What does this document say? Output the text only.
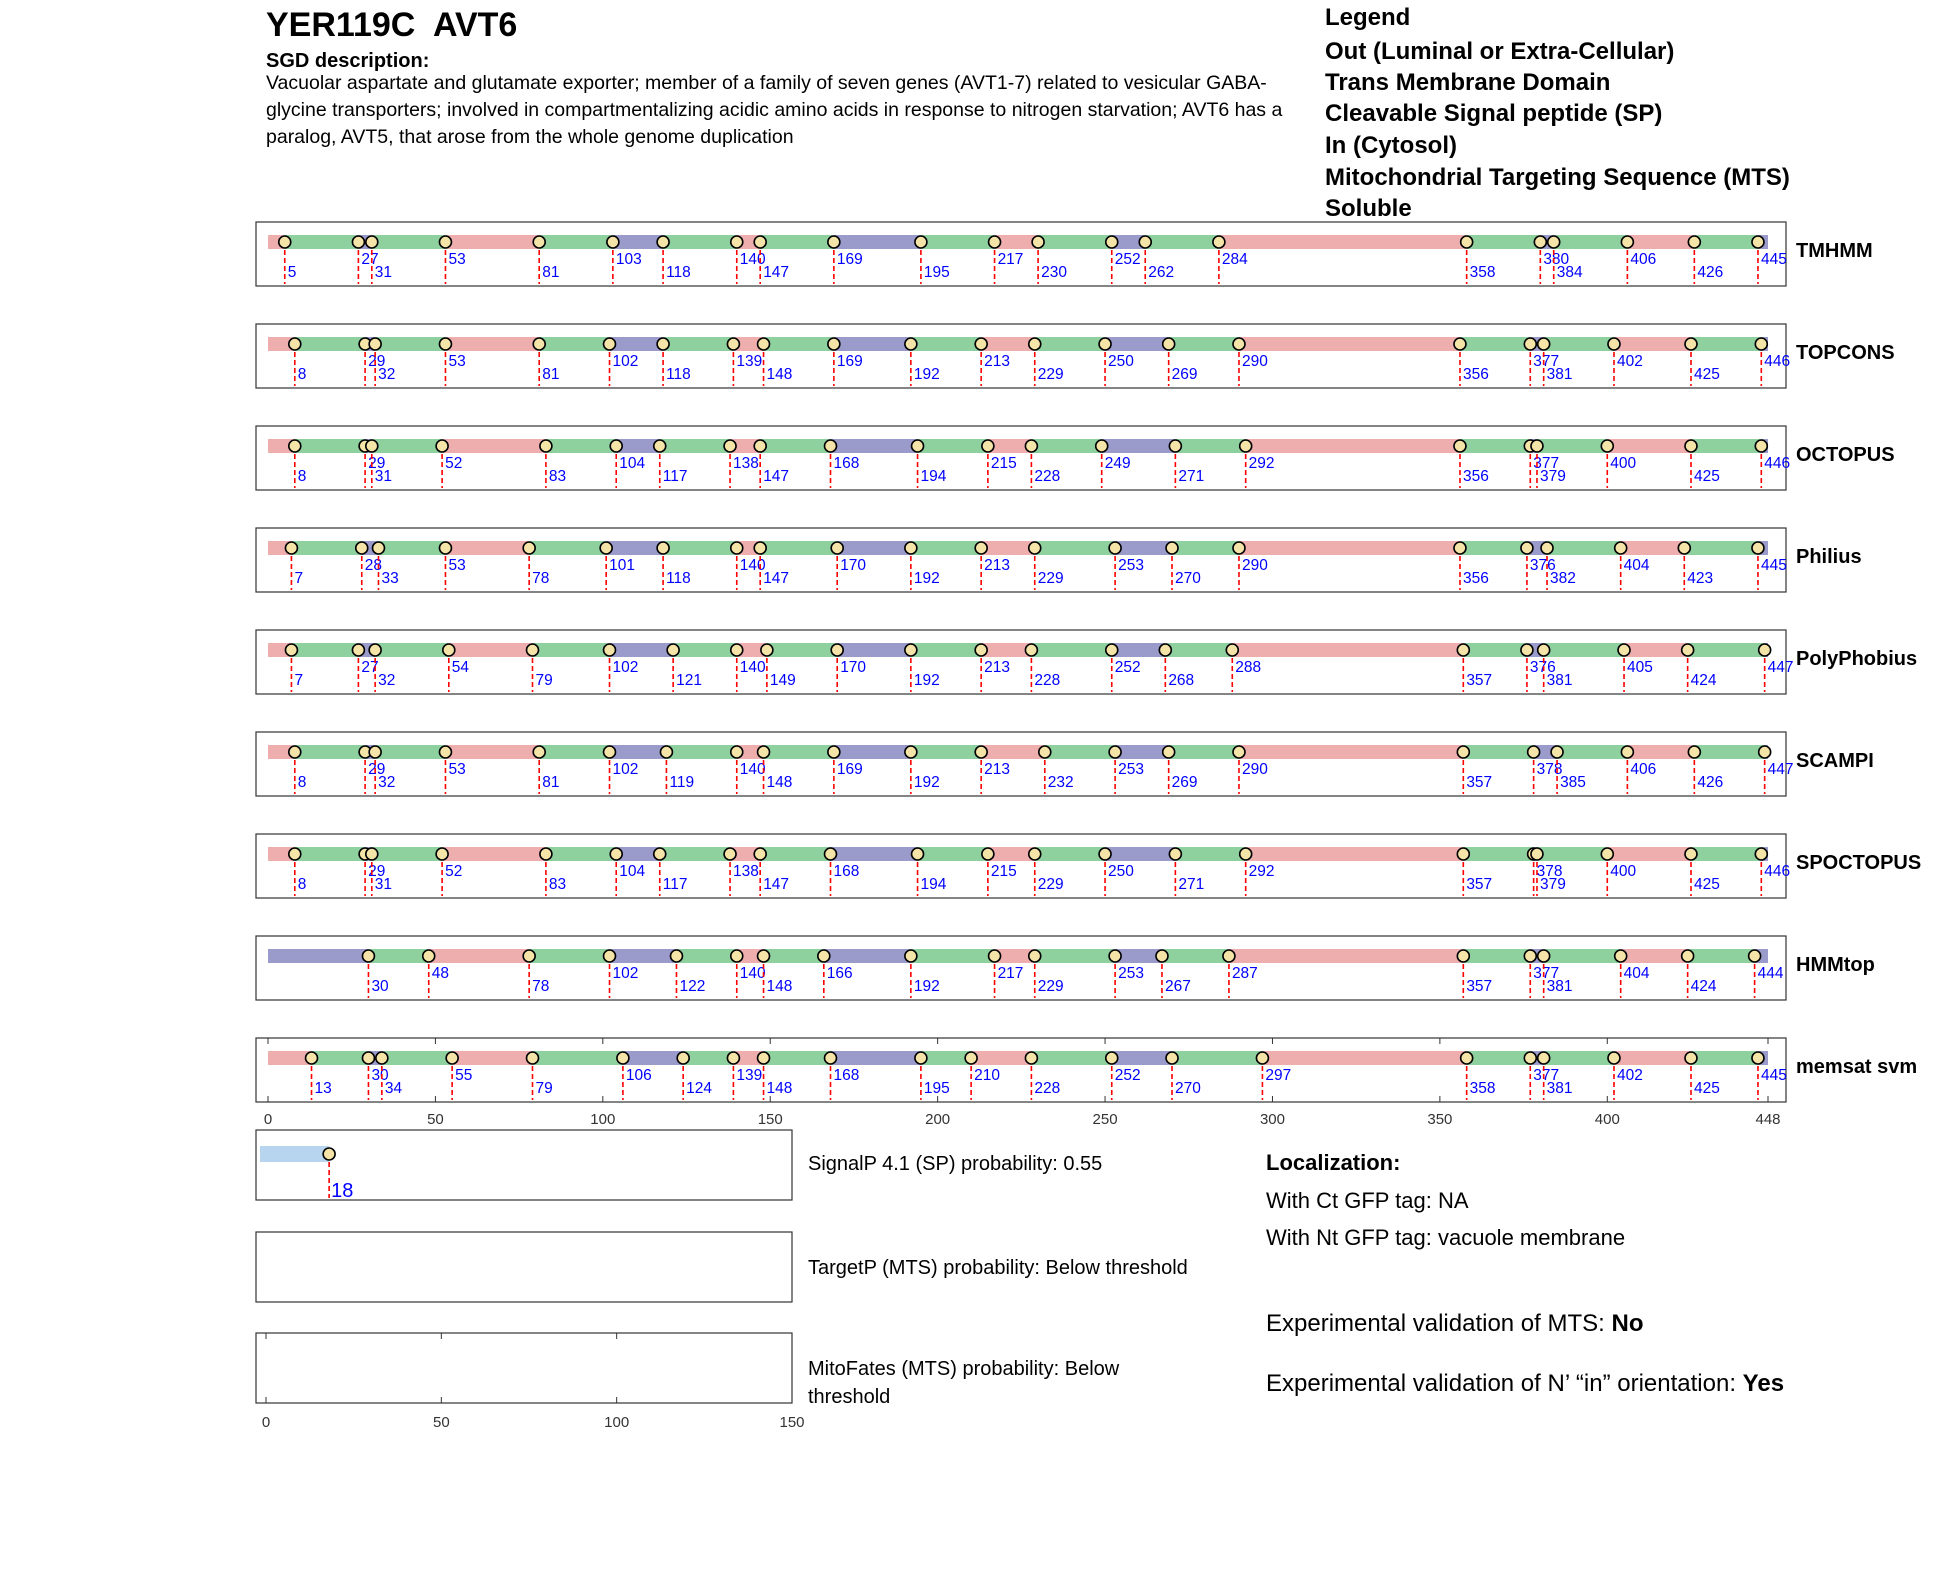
5
27
31
53
81
103
118
140
147
169
195
217
230
252
262
284
358
380
384
406
426
445 TMHMM
8
29
32
53
81
102
118
139
148
169
192
213
229
250
269
290
356
377
381
402
425
446 TOPCONS
8
29
31
52
83
104
117
138
147
168
194
215
228
249
271
292
356
377
379
400
425
446 OCTOPUS
7
28
33
53
78
101
118
140
147
170
192
213
229
253
270
290
356
376
382
404
423
445 Philius
7
27
32
54
79
102
121
140
149
170
192
213
228
252
268
288
357
376
381
405
424
447 PolyPhobius
8
29
32
53
81
102
119
140
148
169
192
213
232
253
269
290
357
378
385
406
426
447 SCAMPI
8
29
31
52
83
104
117
138
147
168
194
215
229
250
271
292
357
378
379
400
425
446 SPOCTOPUS
30
48
78
102
122
140
148
166
192
217
229
253
267
287
357
377
381
404
424
444 HMMtop
0	50	100	150	200	250	300	350	400	448
13
30
34
55
79
106
124
139
148
168
195
210
228
252
270
297
358
377
381
402
425
445 memsat svm
0	50	100	150
18
YER119C  AVT6
SGD description:
Vacuolar aspartate and glutamate exporter; member of a family of seven genes (AVT1-7) related to vesicular GABA-glycine transporters; involved in compartmentalizing acidic amino acids in response to nitrogen starvation; AVT6 has a paralog, AVT5, that arose from the whole genome duplication
Legend
Out (Luminal or Extra-Cellular)
Trans Membrane Domain
Cleavable Signal peptide (SP)
In (Cytosol)
Mitochondrial Targeting Sequence (MTS)
Soluble
SignalP 4.1 (SP) probability: 0.55
TargetP (MTS) probability: Below threshold
MitoFates (MTS) probability: Below threshold
Localization:
With Ct GFP tag: NA
With Nt GFP tag: vacuole membrane
Experimental validation of MTS: No
Experimental validation of N’ “in” orientation: Yes
